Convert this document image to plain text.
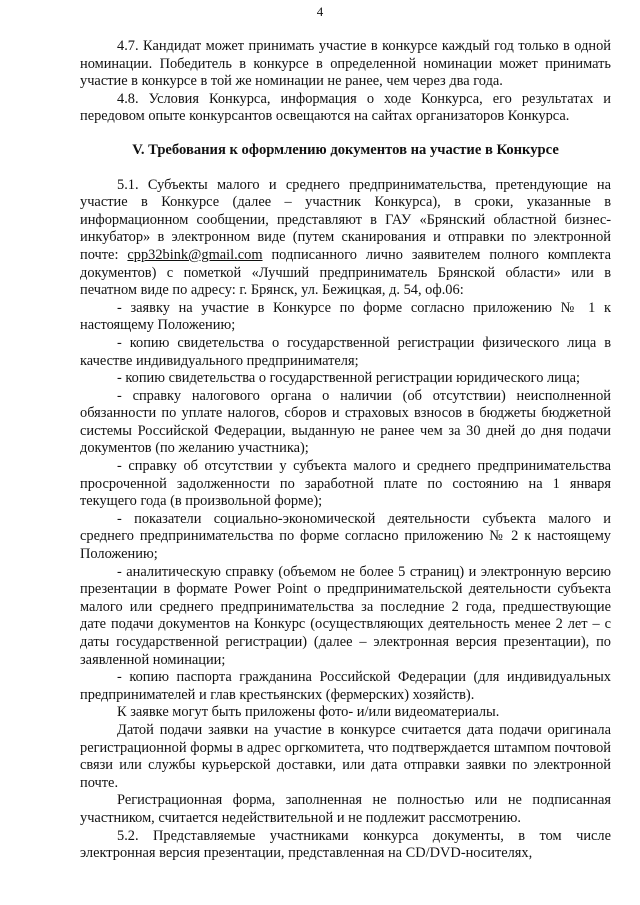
4

4.7. Кандидат может принимать участие в конкурсе каждый год только в одной номинации. Победитель в конкурсе в определенной номинации может принимать участие в конкурсе в той же номинации не ранее, чем через два года.

4.8. Условия Конкурса, информация о ходе Конкурса, его результатах и передовом опыте конкурсантов освещаются на сайтах организаторов Конкурса.

V. Требования к оформлению документов на участие в Конкурсе

5.1. Субъекты малого и среднего предпринимательства, претендующие на участие в Конкурсе (далее – участник Конкурса), в сроки, указанные в информационном сообщении, представляют в ГАУ «Брянский областной бизнес-инкубатор» в электронном виде (путем сканирования и отправки по электронной почте: cpp32bink@gmail.com подписанного лично заявителем полного комплекта документов) с пометкой «Лучший предприниматель Брянской области» или в печатном виде по адресу: г. Брянск, ул. Бежицкая, д. 54, оф.06:

- заявку на участие в Конкурсе по форме согласно приложению № 1 к настоящему Положению;

- копию свидетельства о государственной регистрации физического лица в качестве индивидуального предпринимателя;

- копию свидетельства о государственной регистрации юридического лица;

- справку налогового органа о наличии (об отсутствии) неисполненной обязанности по уплате налогов, сборов и страховых взносов в бюджеты бюджетной системы Российской Федерации, выданную не ранее чем за 30 дней до дня подачи документов (по желанию участника);

- справку об отсутствии у субъекта малого и среднего предпринимательства просроченной задолженности по заработной плате по состоянию на 1 января текущего года (в произвольной форме);

- показатели социально-экономической деятельности субъекта малого и среднего предпринимательства по форме согласно приложению № 2 к настоящему Положению;

- аналитическую справку (объемом не более 5 страниц) и электронную версию презентации в формате Power Point о предпринимательской деятельности субъекта малого или среднего предпринимательства за последние 2 года, предшествующие дате подачи документов на Конкурс (осуществляющих деятельность менее 2 лет – с даты государственной регистрации) (далее – электронная версия презентации), по заявленной номинации;

- копию паспорта гражданина Российской Федерации (для индивидуальных предпринимателей и глав крестьянских (фермерских) хозяйств).

К заявке могут быть приложены фото- и/или видеоматериалы.

Датой подачи заявки на участие в конкурсе считается дата подачи оригинала регистрационной формы в адрес оргкомитета, что подтверждается штампом почтовой связи или службы курьерской доставки, или дата отправки заявки по электронной почте.

Регистрационная форма, заполненная не полностью или не подписанная участником, считается недействительной и не подлежит рассмотрению.

5.2. Представляемые участниками конкурса документы, в том числе электронная версия презентации, представленная на CD/DVD-носителях,
